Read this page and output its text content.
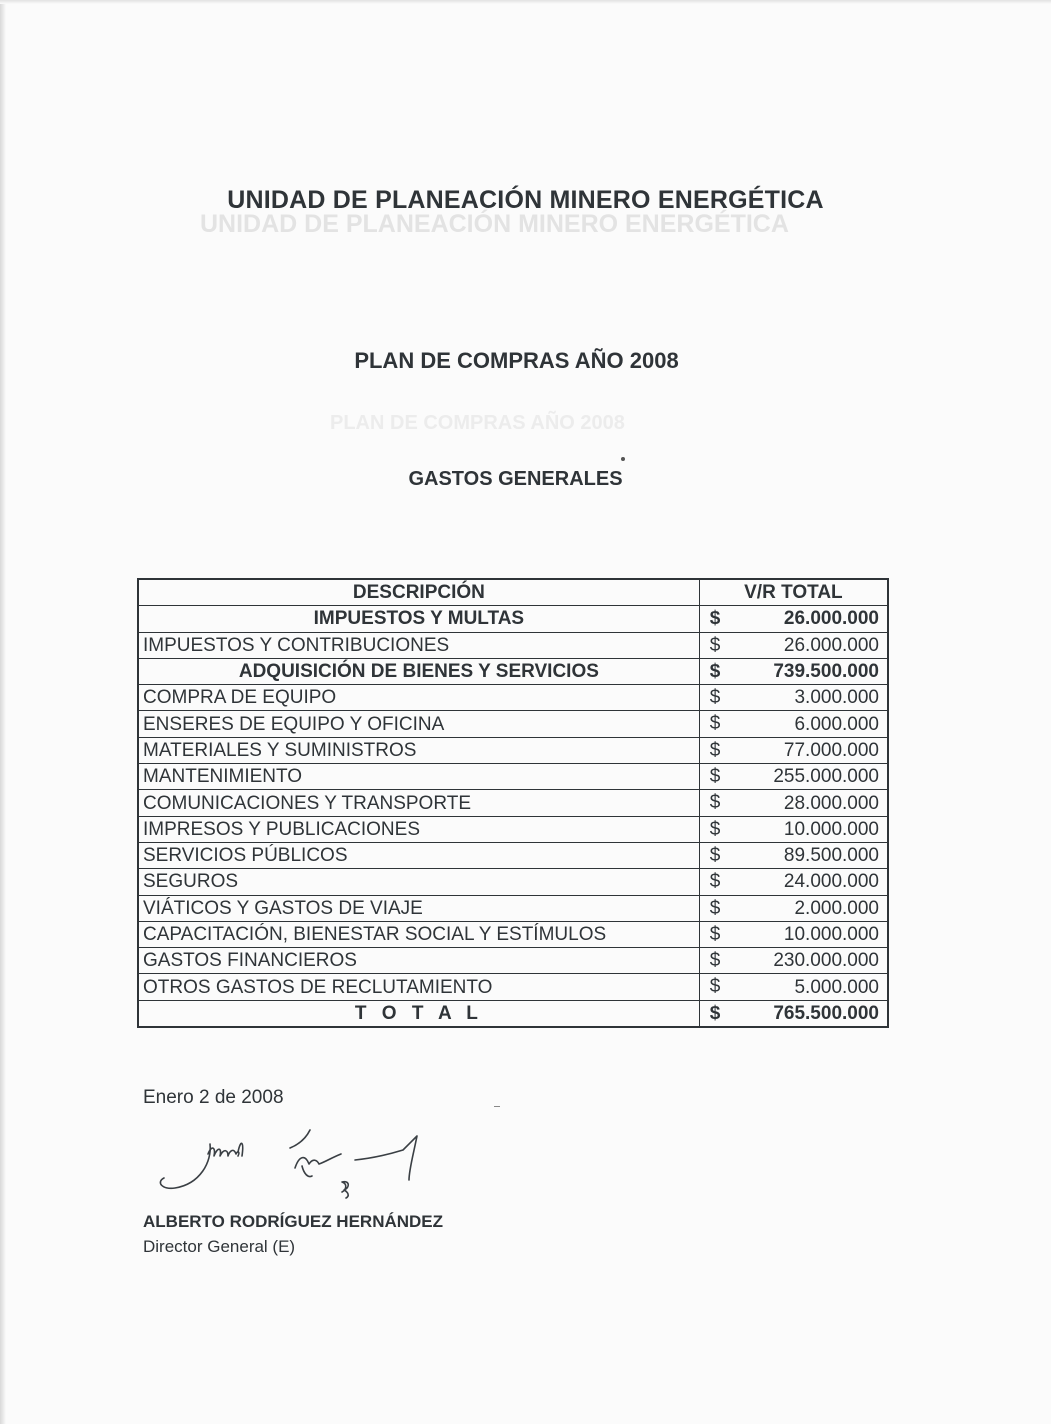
UNIDAD DE PLANEACIÓN MINERO ENERGÉTICA
PLAN DE COMPRAS AÑO 2008
UNIDAD DE PLANEACIÓN MINERO ENERGÉTICA
PLAN DE COMPRAS AÑO 2008
GASTOS GENERALES
DESCRIPCIÓN	V/R TOTAL
IMPUESTOS Y MULTAS	$ 26.000.000
IMPUESTOS Y CONTRIBUCIONES	$ 26.000.000
ADQUISICIÓN DE BIENES Y SERVICIOS	$ 739.500.000
COMPRA DE EQUIPO	$ 3.000.000
ENSERES DE EQUIPO Y OFICINA	$ 6.000.000
MATERIALES Y SUMINISTROS	$ 77.000.000
MANTENIMIENTO	$ 255.000.000
COMUNICACIONES Y TRANSPORTE	$ 28.000.000
IMPRESOS Y PUBLICACIONES	$ 10.000.000
SERVICIOS PÚBLICOS	$ 89.500.000
SEGUROS	$ 24.000.000
VIÁTICOS Y GASTOS DE VIAJE	$ 2.000.000
CAPACITACIÓN, BIENESTAR SOCIAL Y ESTÍMULOS	$ 10.000.000
GASTOS FINANCIEROS	$ 230.000.000
OTROS GASTOS DE RECLUTAMIENTO	$ 5.000.000
T O T A L	$ 765.500.000
Enero 2 de 2008
ALBERTO RODRÍGUEZ HERNÁNDEZ
Director General (E)
